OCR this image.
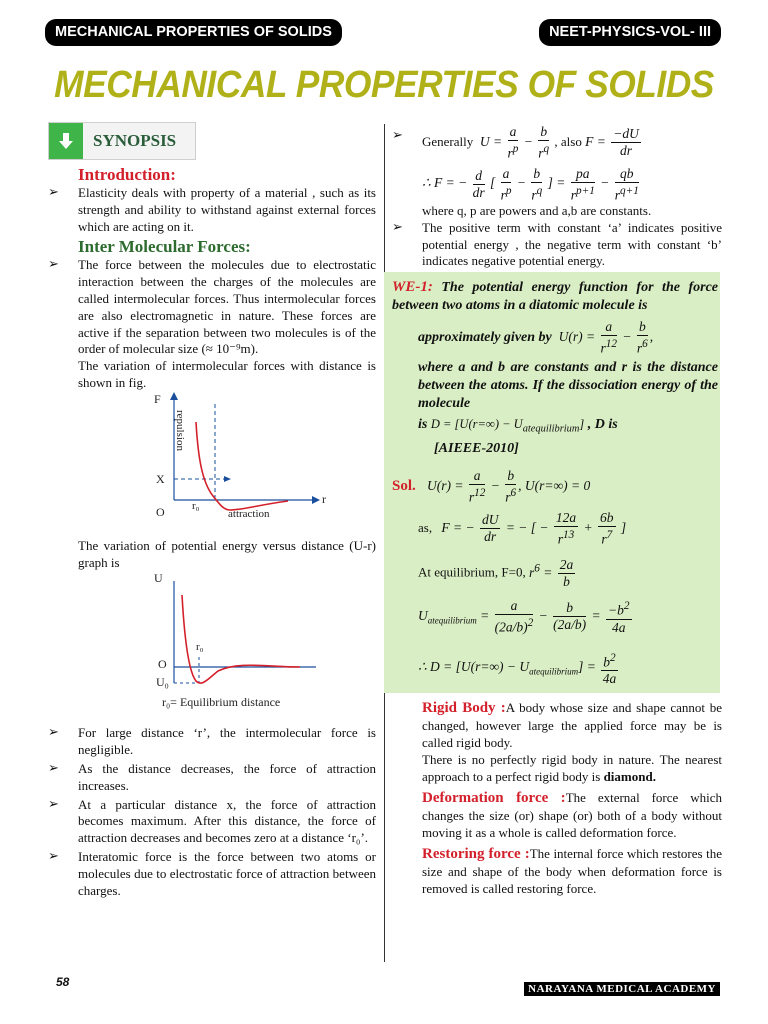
MECHANICAL PROPERTIES OF SOLIDS	NEET-PHYSICS-VOL- III
MECHANICAL PROPERTIES OF SOLIDS
SYNOPSIS
Introduction:
➢ Elasticity deals with property of a material , such as its strength and ability to withstand against external forces which are acting on it.
Inter Molecular Forces:
➢ The force between the molecules due to electrostatic interaction between the charges of the molecules are called intermolecular forces. Thus intermolecular forces are also electromagnetic in nature. These forces are active if the separation between two molecules is of the order of molecular size (≈ 10⁻⁹m).
The variation of intermolecular forces with distance is shown in fig.
F
r
O
X
r₀
attraction
repulsion
The variation of potential energy versus distance (U-r) graph is
U
O
U₀
r₀
r₀= Equilibrium distance
➢ For large distance ‘r’, the intermolecular force is negligible.
➢ As the distance decreases, the force of attraction increases.
➢ At a particular distance x, the force of attraction becomes maximum. After this distance, the force of attraction decreases and becomes zero at a distance ‘r₀’.
➢ Interatomic force is the force between two atoms or molecules due to electrostatic force of attraction between charges.
➢ Generally  $U = \frac{a}{r^p} - \frac{b}{r^q}$ , also $F = \frac{-dU}{dr}$
∴ F = − $\frac{d}{dr}$ [ $\frac{a}{r^p} - \frac{b}{r^q}$ ] = $\frac{pa}{r^{p+1}} - \frac{qb}{r^{q+1}}$
where q, p are powers and a,b are constants.
➢ The positive term with constant ‘a’ indicates positive potential energy , the negative term with constant ‘b’ indicates negative potential energy.
WE-1: The potential energy function for the force between two atoms in a diatomic molecule is
approximately given by  $U(r) = \frac{a}{r^{12}} - \frac{b}{r^6}$ ,
where a and b are constants and r is the distance between the atoms. If the dissociation energy of the molecule
is $D = [U(r=\infty) - U_{atequilibrium}]$ , D is
[AIEEE-2010]
Sol. $U(r) = \frac{a}{r^{12}} - \frac{b}{r^6}$ , U(r=∞) = 0
as, F = − $\frac{dU}{dr}$ = − [ − $\frac{12a}{r^{13}} + \frac{6b}{r^7}$ ]
At equilibrium, F=0, $r^6 = \frac{2a}{b}$
$U_{atequilibrium} = \frac{a}{(2a/b)^2} - \frac{b}{(2a/b)} = \frac{-b^2}{4a}$
∴ $D = [U(r=\infty) - U_{atequilibrium}] = \frac{b^2}{4a}$
Rigid Body :A body whose size and shape cannot be changed, however large the applied force may be is called rigid body.
There is no perfectly rigid body in nature. The nearest approach to a perfect rigid body is diamond.
Deformation force :The external force which changes the size (or) shape (or) both of a body without moving it as a whole is called deformation force.
Restoring force :The internal force which restores the size and shape of the body when deformation force is removed is called restoring force.
58	NARAYANA MEDICAL ACADEMY
